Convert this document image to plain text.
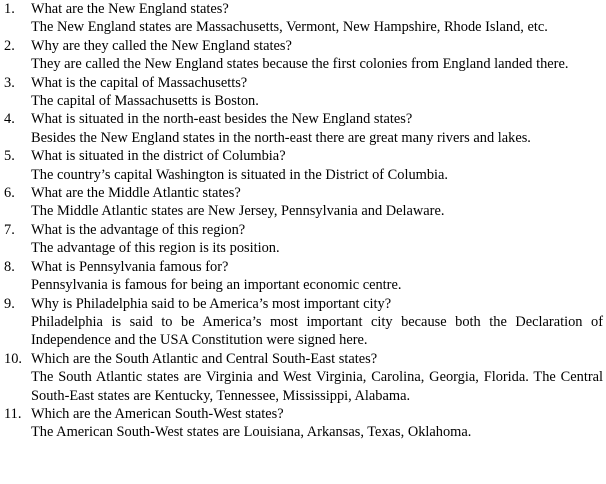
1. What are the New England states?
The New England states are Massachusetts, Vermont, New Hampshire, Rhode Island, etc.
2. Why are they called the New England states?
They are called the New England states because the first colonies from England landed there.
3. What is the capital of Massachusetts?
The capital of Massachusetts is Boston.
4. What is situated in the north-east besides the New England states?
Besides the New England states in the north-east there are great many rivers and lakes.
5. What is situated in the district of Columbia?
The country’s capital Washington is situated in the District of Columbia.
6. What are the Middle Atlantic states?
The Middle Atlantic states are New Jersey, Pennsylvania and Delaware.
7. What is the advantage of this region?
The advantage of this region is its position.
8. What is Pennsylvania famous for?
Pennsylvania is famous for being an important economic centre.
9. Why is Philadelphia said to be America’s most important city?
Philadelphia is said to be America’s most important city because both the Declaration of Independence and the USA Constitution were signed here.
10. Which are the South Atlantic and Central South-East states?
The South Atlantic states are Virginia and West Virginia, Carolina, Georgia, Florida. The Central South-East states are Kentucky, Tennessee, Mississippi, Alabama.
11. Which are the American South-West states?
The American South-West states are Louisiana, Arkansas, Texas, Oklahoma.
